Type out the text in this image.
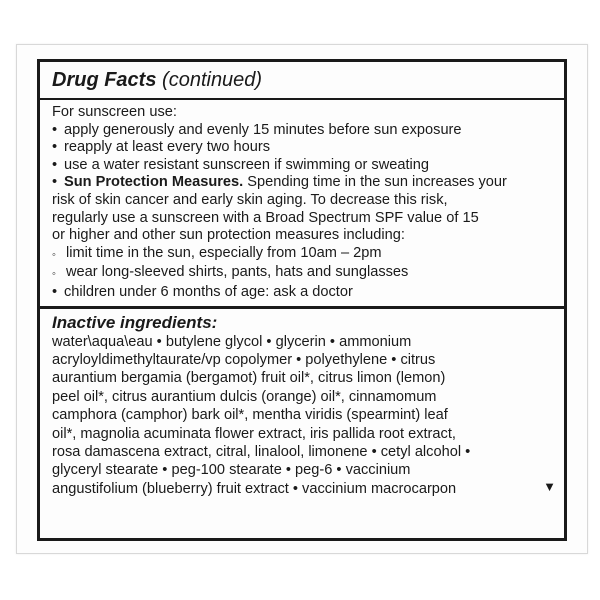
Drug Facts (continued)
For sunscreen use:
• apply generously and evenly 15 minutes before sun exposure
• reapply at least every two hours
• use a water resistant sunscreen if swimming or sweating
• Sun Protection Measures. Spending time in the sun increases your
risk of skin cancer and early skin aging. To decrease this risk,
regularly use a sunscreen with a Broad Spectrum SPF value of 15
or higher and other sun protection measures including:
◦ limit time in the sun, especially from 10am – 2pm
◦ wear long-sleeved shirts, pants, hats and sunglasses
• children under 6 months of age: ask a doctor
Inactive ingredients:
water\aqua\eau • butylene glycol • glycerin • ammonium
acryloyldimethyltaurate/vp copolymer • polyethylene • citrus
aurantium bergamia (bergamot) fruit oil*, citrus limon (lemon)
peel oil*, citrus aurantium dulcis (orange) oil*, cinnamomum
camphora (camphor) bark oil*, mentha viridis (spearmint) leaf
oil*, magnolia acuminata flower extract, iris pallida root extract,
rosa damascena extract, citral, linalool, limonene • cetyl alcohol •
glyceryl stearate • peg-100 stearate • peg-6 • vaccinium
angustifolium (blueberry) fruit extract • vaccinium macrocarpon	▼
